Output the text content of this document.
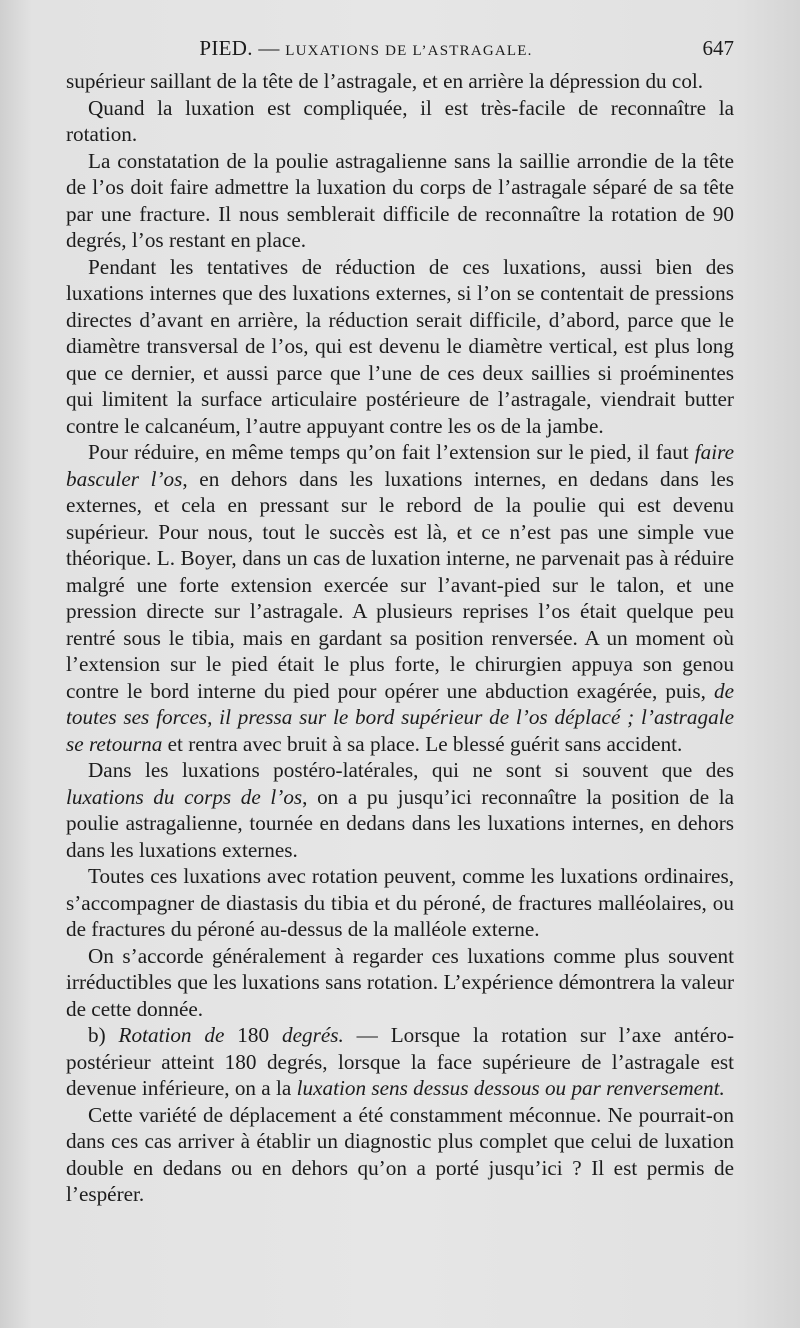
PIED. — LUXATIONS DE L’ASTRAGALE.	647

supérieur saillant de la tête de l’astragale, et en arrière la dépression du col.

Quand la luxation est compliquée, il est très-facile de reconnaître la rotation.

La constatation de la poulie astragalienne sans la saillie arrondie de la tête de l’os doit faire admettre la luxation du corps de l’astragale séparé de sa tête par une fracture. Il nous semblerait difficile de reconnaître la rotation de 90 degrés, l’os restant en place.

Pendant les tentatives de réduction de ces luxations, aussi bien des luxations internes que des luxations externes, si l’on se contentait de pressions directes d’avant en arrière, la réduction serait difficile, d’abord, parce que le diamètre transversal de l’os, qui est devenu le diamètre vertical, est plus long que ce dernier, et aussi parce que l’une de ces deux saillies si proéminentes qui limitent la surface articulaire postérieure de l’astragale, viendrait butter contre le calcanéum, l’autre appuyant contre les os de la jambe.

Pour réduire, en même temps qu’on fait l’extension sur le pied, il faut faire basculer l’os, en dehors dans les luxations internes, en dedans dans les externes, et cela en pressant sur le rebord de la poulie qui est devenu supérieur. Pour nous, tout le succès est là, et ce n’est pas une simple vue théorique. L. Boyer, dans un cas de luxation interne, ne parvenait pas à réduire malgré une forte extension exercée sur l’avant-pied sur le talon, et une pression directe sur l’astragale. A plusieurs reprises l’os était quelque peu rentré sous le tibia, mais en gardant sa position renversée. A un moment où l’extension sur le pied était le plus forte, le chirurgien appuya son genou contre le bord interne du pied pour opérer une abduction exagérée, puis, de toutes ses forces, il pressa sur le bord supérieur de l’os déplacé ; l’astragale se retourna et rentra avec bruit à sa place. Le blessé guérit sans accident.

Dans les luxations postéro-latérales, qui ne sont si souvent que des luxations du corps de l’os, on a pu jusqu’ici reconnaître la position de la poulie astragalienne, tournée en dedans dans les luxations internes, en dehors dans les luxations externes.

Toutes ces luxations avec rotation peuvent, comme les luxations ordinaires, s’accompagner de diastasis du tibia et du péroné, de fractures malléolaires, ou de fractures du péroné au-dessus de la malléole externe.

On s’accorde généralement à regarder ces luxations comme plus souvent irréductibles que les luxations sans rotation. L’expérience démontrera la valeur de cette donnée.

b) Rotation de 180 degrés. — Lorsque la rotation sur l’axe antéro-postérieur atteint 180 degrés, lorsque la face supérieure de l’astragale est devenue inférieure, on a la luxation sens dessus dessous ou par renversement.

Cette variété de déplacement a été constamment méconnue. Ne pourrait-on dans ces cas arriver à établir un diagnostic plus complet que celui de luxation double en dedans ou en dehors qu’on a porté jusqu’ici ? Il est permis de l’espérer.
